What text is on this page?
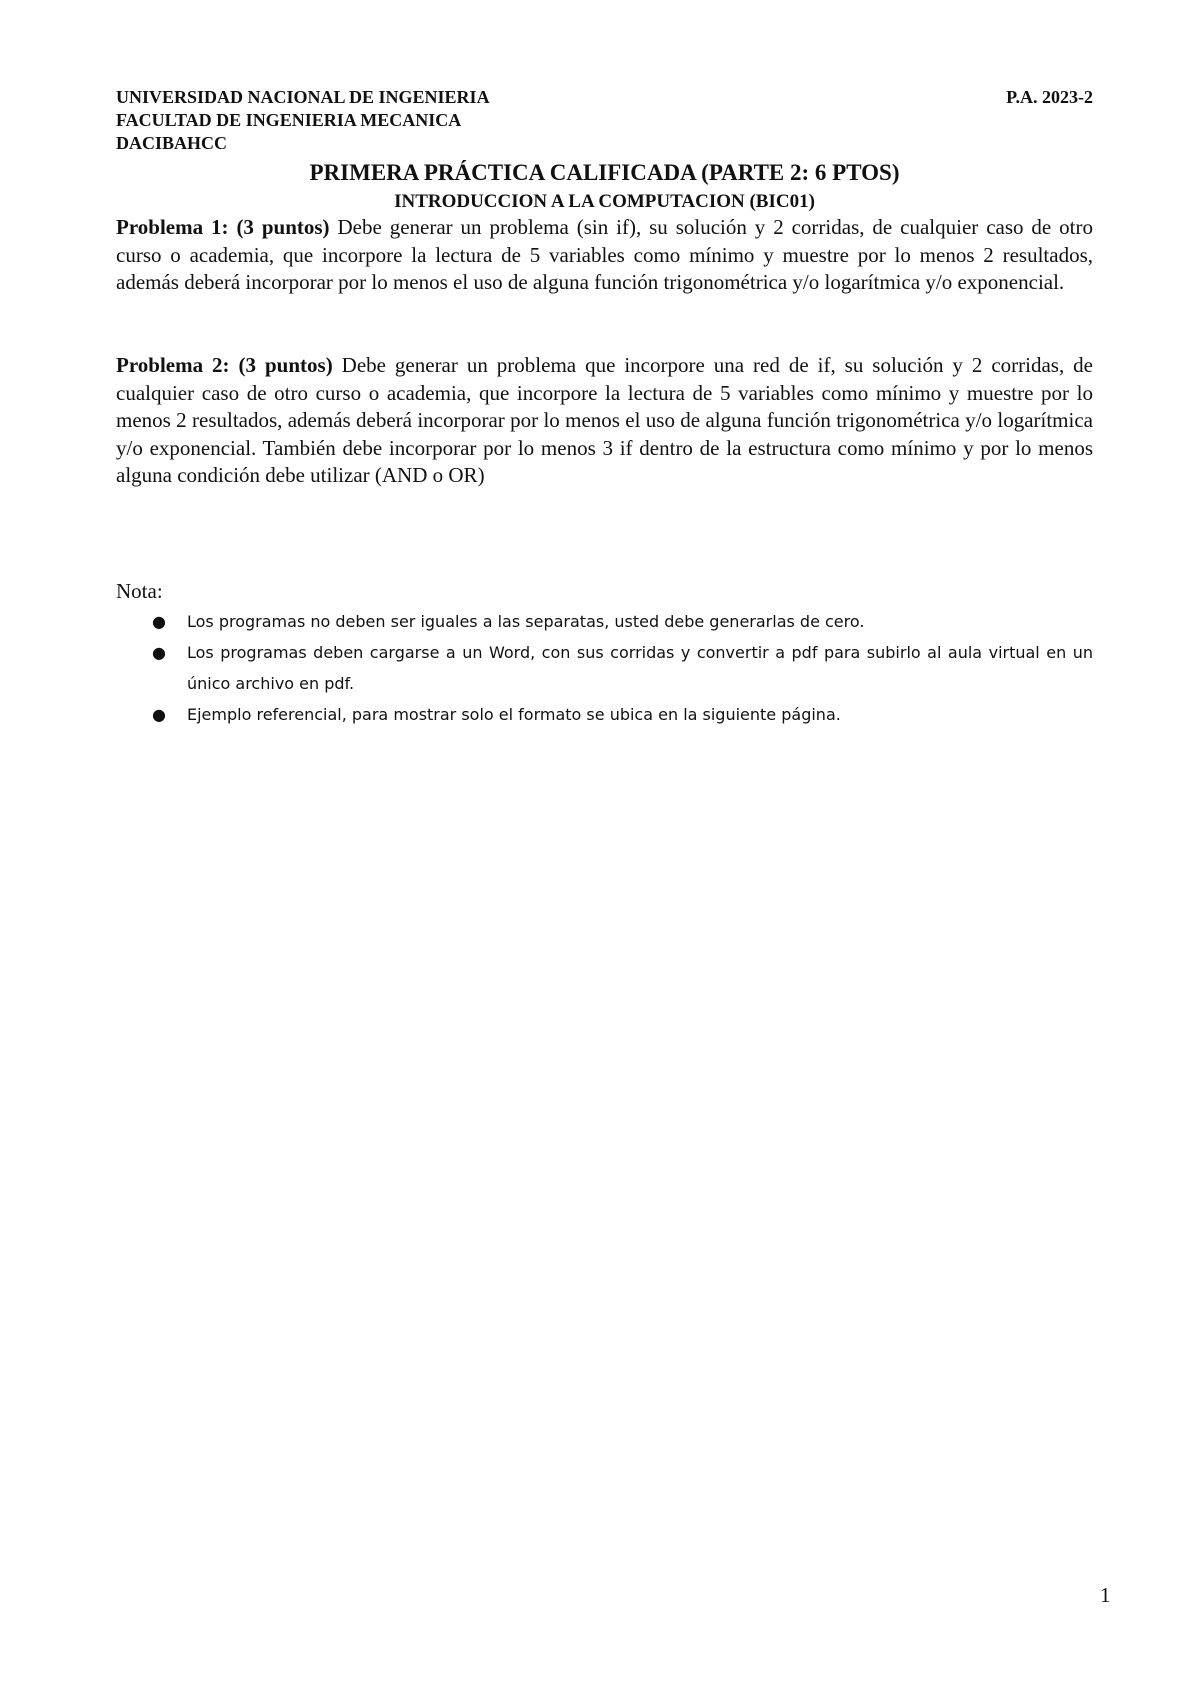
UNIVERSIDAD NACIONAL DE INGENIERIA	P.A. 2023-2
FACULTAD DE INGENIERIA MECANICA
DACIBAHCC
PRIMERA PRÁCTICA CALIFICADA (PARTE 2: 6 PTOS)
INTRODUCCION A LA COMPUTACION (BIC01)
Problema 1: (3 puntos) Debe generar un problema (sin if), su solución y 2 corridas, de cualquier caso de otro curso o academia, que incorpore la lectura de 5 variables como mínimo y muestre por lo menos 2 resultados, además deberá incorporar por lo menos el uso de alguna función trigonométrica y/o logarítmica y/o exponencial.
Problema 2: (3 puntos) Debe generar un problema que incorpore una red de if, su solución y 2 corridas, de cualquier caso de otro curso o academia, que incorpore la lectura de 5 variables como mínimo y muestre por lo menos 2 resultados, además deberá incorporar por lo menos el uso de alguna función trigonométrica y/o logarítmica y/o exponencial. También debe incorporar por lo menos 3 if dentro de la estructura como mínimo y por lo menos alguna condición debe utilizar (AND o OR)
Nota:
● Los programas no deben ser iguales a las separatas, usted debe generarlas de cero.
● Los programas deben cargarse a un Word, con sus corridas y convertir a pdf para subirlo al aula virtual en un único archivo en pdf.
● Ejemplo referencial, para mostrar solo el formato se ubica en la siguiente página.
1
